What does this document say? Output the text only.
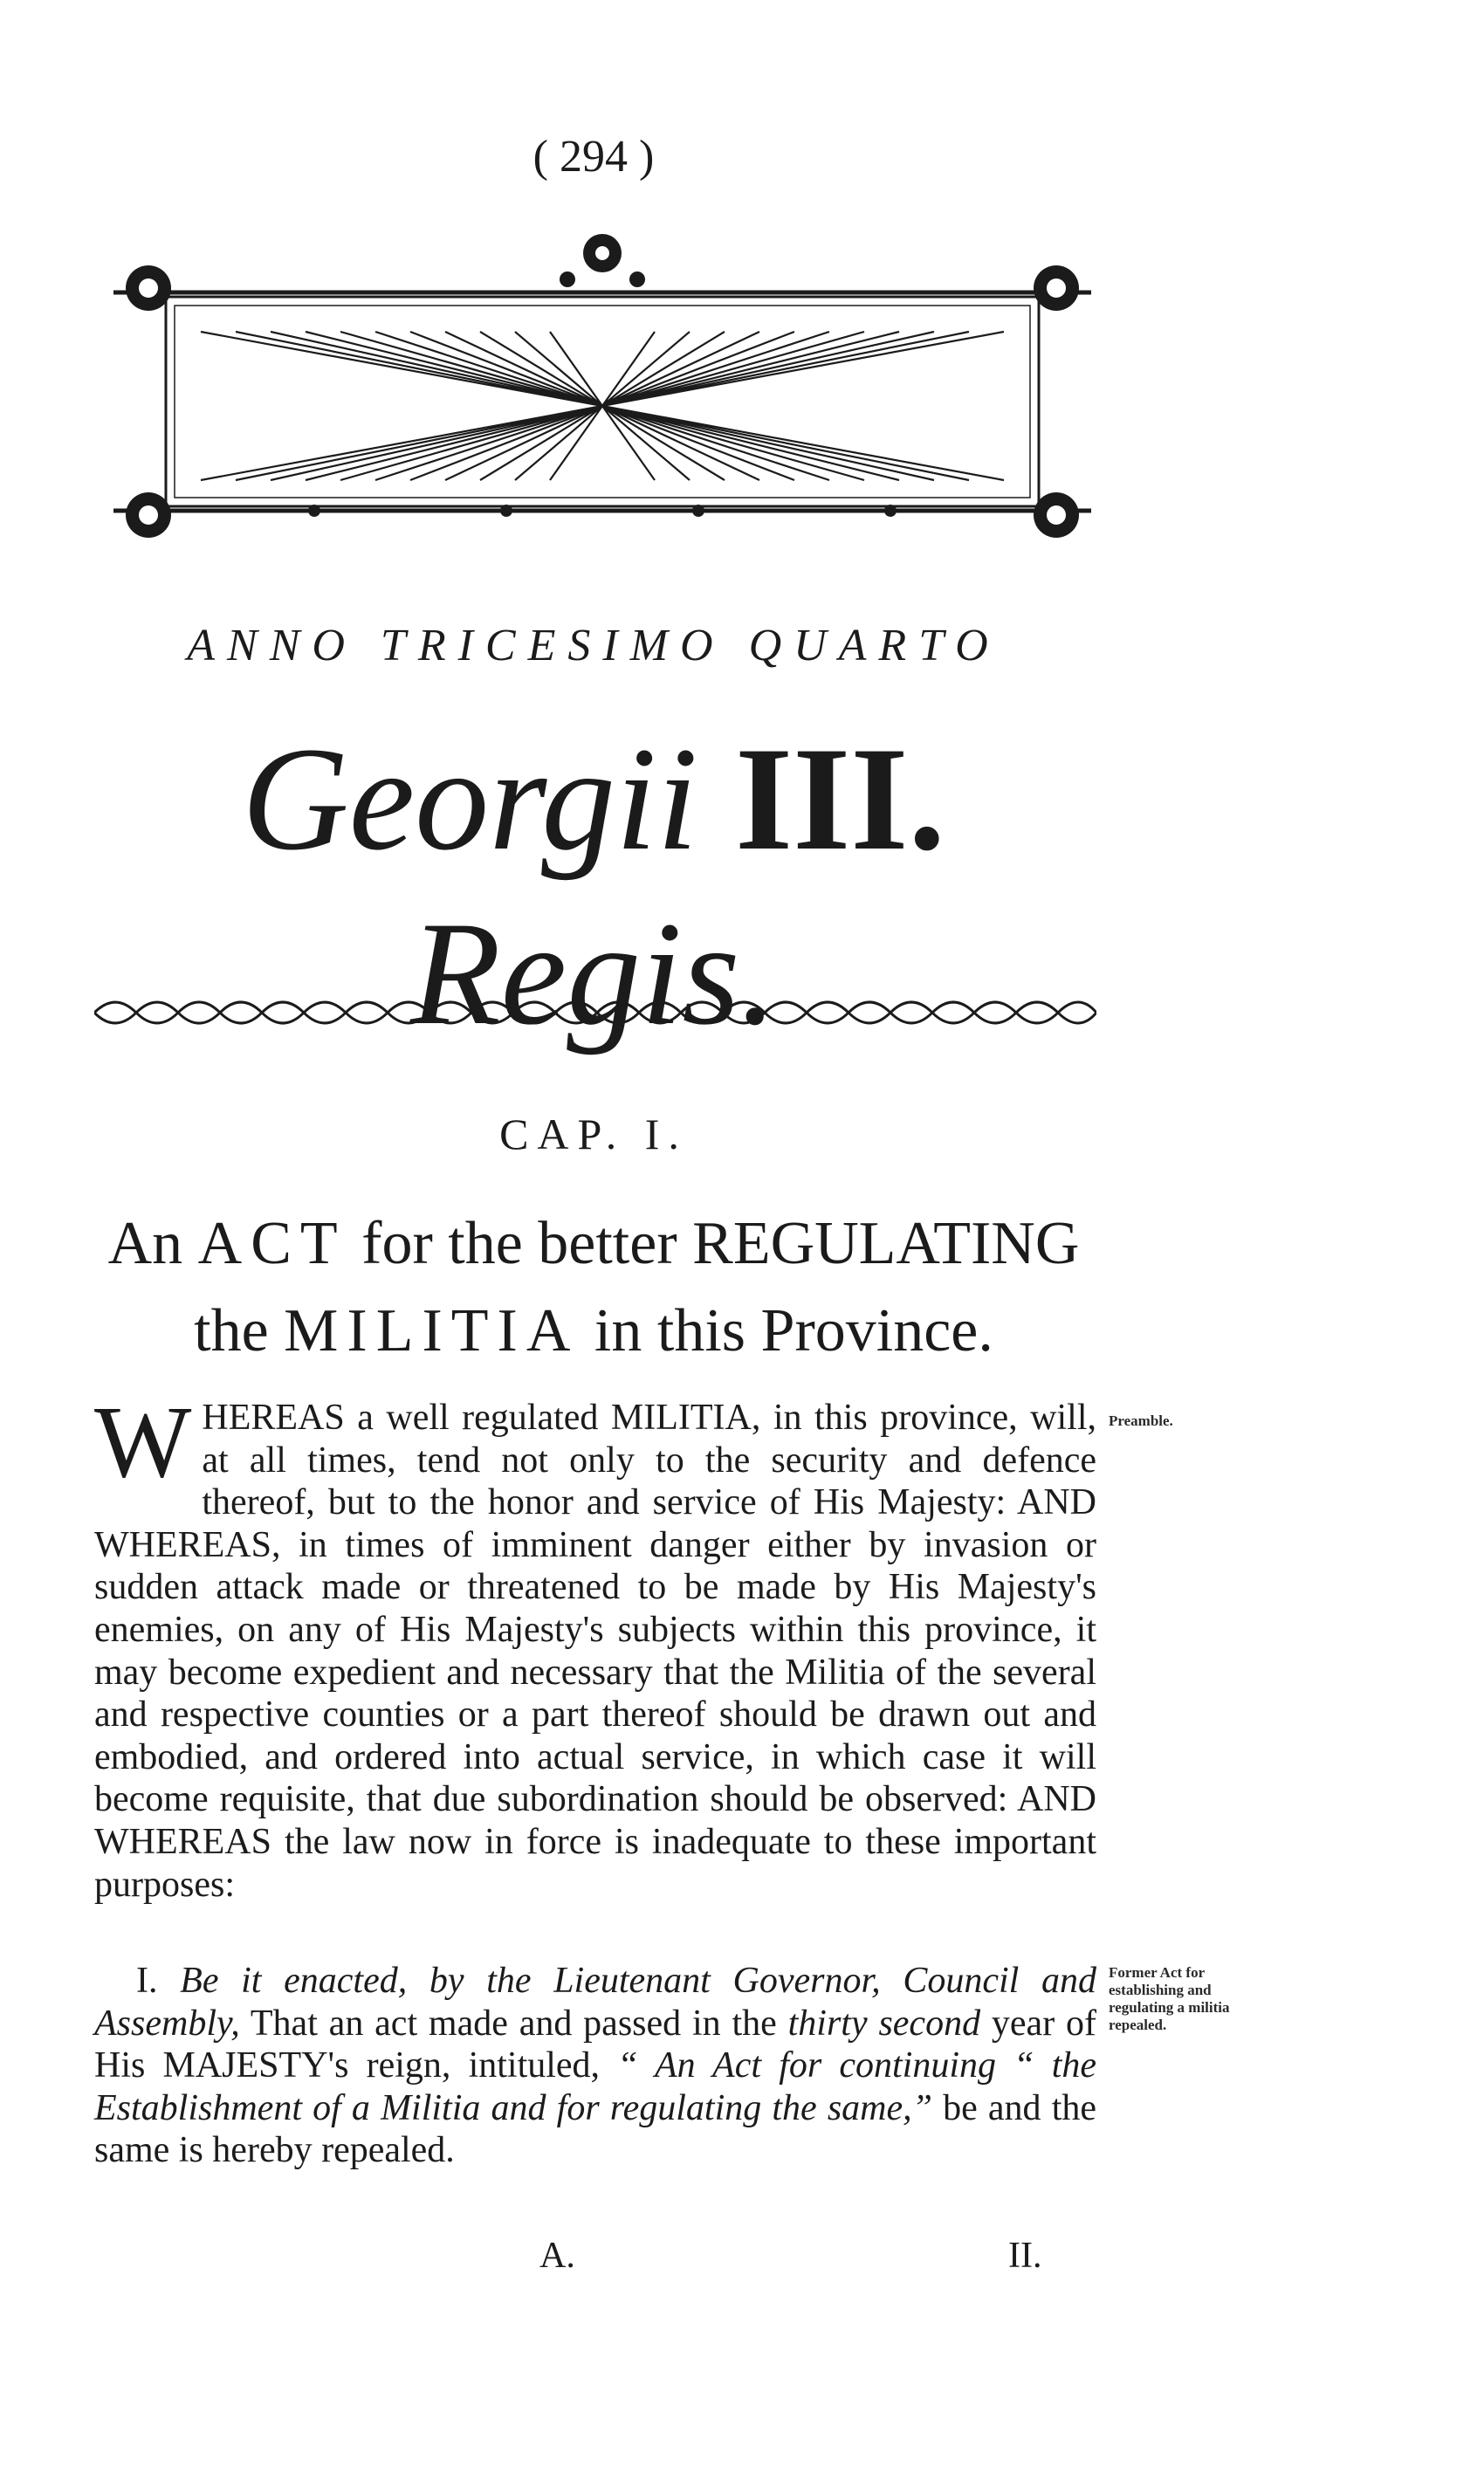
( 294 )
ANNO TRICESIMO QUARTO
Georgii III. Regis.
CAP. I.
An ACT for the better REGULATING
the MILITIA in this Province.
WHEREAS a well regulated MILITIA, in this province, will, at all times, tend not only to the security and defence thereof, but to the honor and service of His Majesty: AND WHEREAS, in times of imminent danger either by invasion or sudden attack made or threatened to be made by His Majesty's enemies, on any of His Majesty's subjects within this province, it may become expedient and necessary that the Militia of the several and respective counties or a part thereof should be drawn out and embodied, and ordered into actual service, in which case it will become requisite, that due subordination should be observed: AND WHEREAS the law now in force is inadequate to these important purposes:
I. Be it enacted, by the Lieutenant Governor, Council and Assembly, That an act made and passed in the thirty second year of His MAJESTY's reign, intituled, “ An Act for continuing “ the Establishment of a Militia and for regulating the same,” be and the same is hereby repealed.
Preamble.
Former Act for establishing and regulating a militia repealed.
A.	II.
